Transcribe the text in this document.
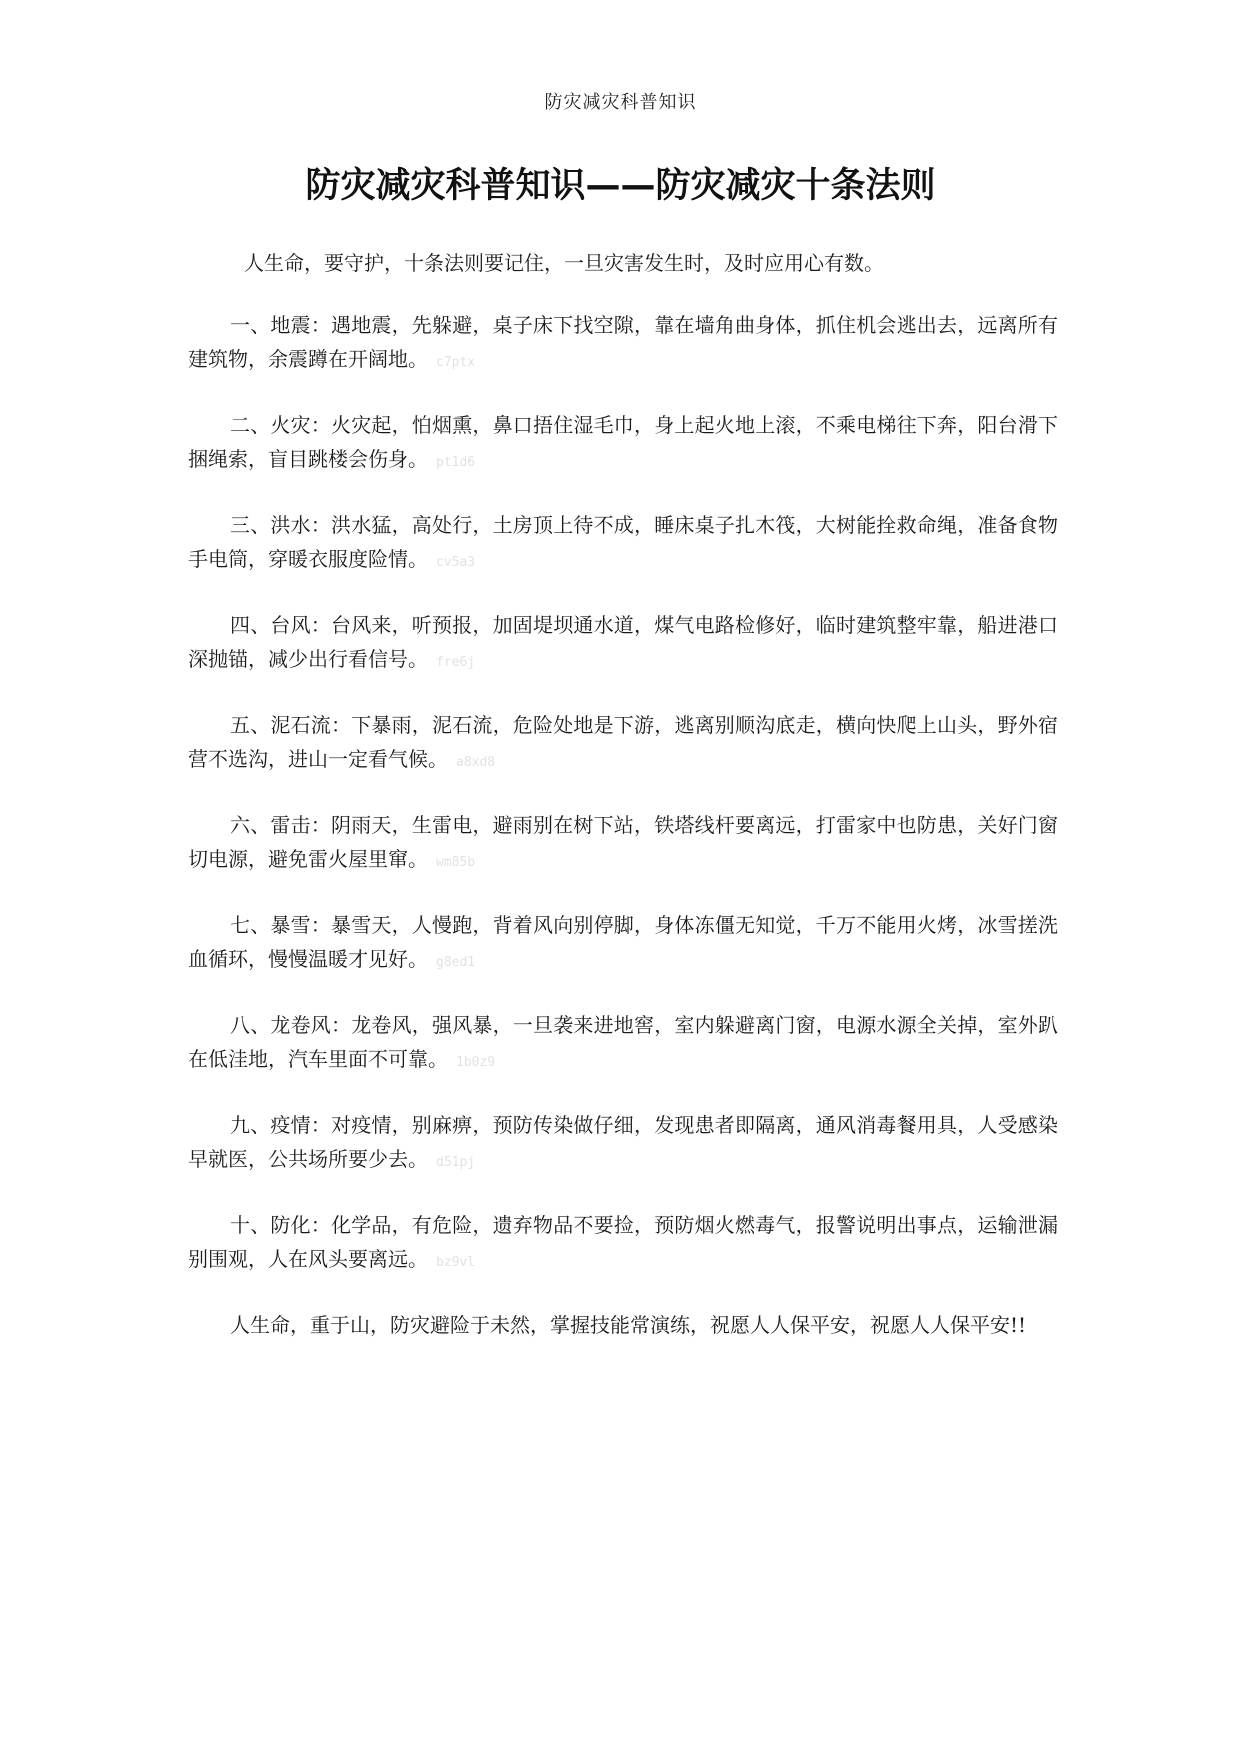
防灾减灾科普知识
防灾减灾科普知识——防灾减灾十条法则

人生命，要守护，十条法则要记住，一旦灾害发生时，及时应用心有数。

一、地震：遇地震，先躲避，桌子床下找空隙，靠在墙角曲身体，抓住机会逃出去，远离所有建筑物，余震蹲在开阔地。 c7ptx

二、火灾：火灾起，怕烟熏，鼻口捂住湿毛巾，身上起火地上滚，不乘电梯往下奔，阳台滑下捆绳索，盲目跳楼会伤身。 pt1d6

三、洪水：洪水猛，高处行，土房顶上待不成，睡床桌子扎木筏，大树能拴救命绳，准备食物手电筒，穿暖衣服度险情。 cv5a3

四、台风：台风来，听预报，加固堤坝通水道，煤气电路检修好，临时建筑整牢靠，船进港口深抛锚，减少出行看信号。 fre6j

五、泥石流：下暴雨，泥石流，危险处地是下游，逃离别顺沟底走，横向快爬上山头，野外宿营不选沟，进山一定看气候。 a8xd8

六、雷击：阴雨天，生雷电，避雨别在树下站，铁塔线杆要离远，打雷家中也防患，关好门窗切电源，避免雷火屋里窜。 wm85b

七、暴雪：暴雪天，人慢跑，背着风向别停脚，身体冻僵无知觉，千万不能用火烤，冰雪搓洗血循环，慢慢温暖才见好。 g8ed1

八、龙卷风：龙卷风，强风暴，一旦袭来进地窖，室内躲避离门窗，电源水源全关掉，室外趴在低洼地，汽车里面不可靠。 1b0z9

九、疫情：对疫情，别麻痹，预防传染做仔细，发现患者即隔离，通风消毒餐用具，人受感染早就医，公共场所要少去。 d51pj

十、防化：化学品，有危险，遗弃物品不要捡，预防烟火燃毒气，报警说明出事点，运输泄漏别围观，人在风头要离远。 bz9vl

人生命，重于山，防灾避险于未然，掌握技能常演练，祝愿人人保平安，祝愿人人保平安!!
